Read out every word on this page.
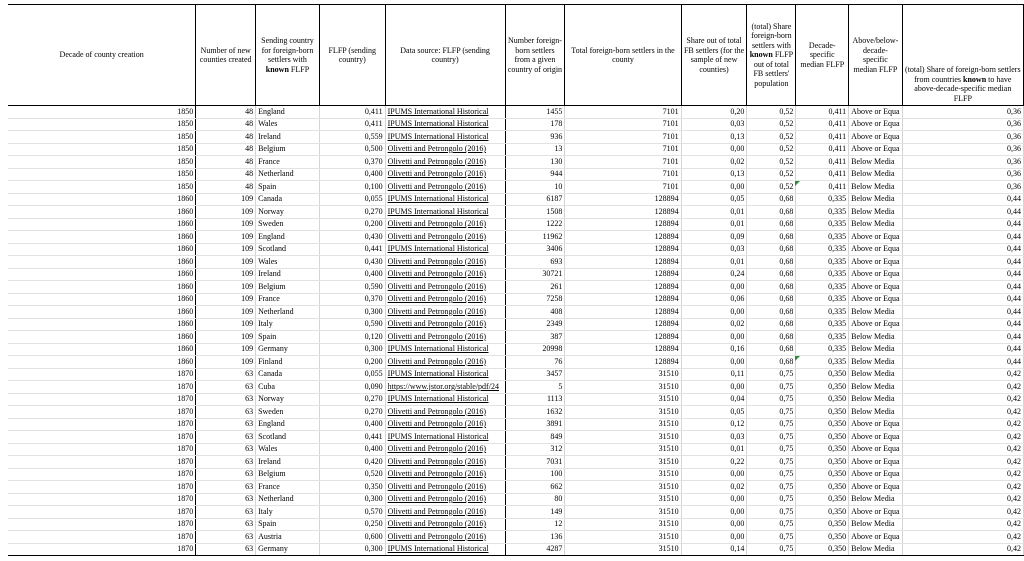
Decade of county creation	Number of new counties created	Sending country for foreign-born settlers with known FLFP	FLFP (sending country)	Data source: FLFP (sending country)	Number foreign-born settlers from a given country of origin	Total foreign-born settlers in the county	Share out of total FB settlers (for the sample of new counties)	(total) Share foreign-born settlers with known FLFP out of total FB settlers' population	Decade-specific median FLFP	Above/below-decade-specific median FLFP	(total) Share of foreign-born settlers from countries known to have above-decade-specific median FLFP
1850	48	England	0,411	IPUMS International Historical	1455	7101	0,20	0,52	0,411	Above or Equa	0,36
1850	48	Wales	0,411	IPUMS International Historical	178	7101	0,03	0,52	0,411	Above or Equa	0,36
1850	48	Ireland	0,559	IPUMS International Historical	936	7101	0,13	0,52	0,411	Above or Equa	0,36
1850	48	Belgium	0,500	Olivetti and Petrongolo (2016)	13	7101	0,00	0,52	0,411	Above or Equa	0,36
1850	48	France	0,370	Olivetti and Petrongolo (2016)	130	7101	0,02	0,52	0,411	Below Media	0,36
1850	48	Netherland	0,400	Olivetti and Petrongolo (2016)	944	7101	0,13	0,52	0,411	Below Media	0,36
1850	48	Spain	0,100	Olivetti and Petrongolo (2016)	10	7101	0,00	0,52	0,411	Below Media	0,36
1860	109	Canada	0,055	IPUMS International Historical	6187	128894	0,05	0,68	0,335	Below Media	0,44
1860	109	Norway	0,270	IPUMS International Historical	1508	128894	0,01	0,68	0,335	Below Media	0,44
1860	109	Sweden	0,200	Olivetti and Petrongolo (2016)	1222	128894	0,01	0,68	0,335	Below Media	0,44
1860	109	England	0,430	Olivetti and Petrongolo (2016)	11962	128894	0,09	0,68	0,335	Above or Equa	0,44
1860	109	Scotland	0,441	IPUMS International Historical	3406	128894	0,03	0,68	0,335	Above or Equa	0,44
1860	109	Wales	0,430	Olivetti and Petrongolo (2016)	693	128894	0,01	0,68	0,335	Above or Equa	0,44
1860	109	Ireland	0,400	Olivetti and Petrongolo (2016)	30721	128894	0,24	0,68	0,335	Above or Equa	0,44
1860	109	Belgium	0,590	Olivetti and Petrongolo (2016)	261	128894	0,00	0,68	0,335	Above or Equa	0,44
1860	109	France	0,370	Olivetti and Petrongolo (2016)	7258	128894	0,06	0,68	0,335	Above or Equa	0,44
1860	109	Netherland	0,300	Olivetti and Petrongolo (2016)	408	128894	0,00	0,68	0,335	Below Media	0,44
1860	109	Italy	0,590	Olivetti and Petrongolo (2016)	2349	128894	0,02	0,68	0,335	Above or Equa	0,44
1860	109	Spain	0,120	Olivetti and Petrongolo (2016)	387	128894	0,00	0,68	0,335	Below Media	0,44
1860	109	Germany	0,300	IPUMS International Historical	20998	128894	0,16	0,68	0,335	Below Media	0,44
1860	109	Finland	0,200	Olivetti and Petrongolo (2016)	76	128894	0,00	0,68	0,335	Below Media	0,44
1870	63	Canada	0,055	IPUMS International Historical	3457	31510	0,11	0,75	0,350	Below Media	0,42
1870	63	Cuba	0,090	https://www.jstor.org/stable/pdf/24	5	31510	0,00	0,75	0,350	Below Media	0,42
1870	63	Norway	0,270	IPUMS International Historical	1113	31510	0,04	0,75	0,350	Below Media	0,42
1870	63	Sweden	0,270	Olivetti and Petrongolo (2016)	1632	31510	0,05	0,75	0,350	Below Media	0,42
1870	63	England	0,400	Olivetti and Petrongolo (2016)	3891	31510	0,12	0,75	0,350	Above or Equa	0,42
1870	63	Scotland	0,441	IPUMS International Historical	849	31510	0,03	0,75	0,350	Above or Equa	0,42
1870	63	Wales	0,400	Olivetti and Petrongolo (2016)	312	31510	0,01	0,75	0,350	Above or Equa	0,42
1870	63	Ireland	0,420	Olivetti and Petrongolo (2016)	7031	31510	0,22	0,75	0,350	Above or Equa	0,42
1870	63	Belgium	0,520	Olivetti and Petrongolo (2016)	100	31510	0,00	0,75	0,350	Above or Equa	0,42
1870	63	France	0,350	Olivetti and Petrongolo (2016)	662	31510	0,02	0,75	0,350	Above or Equa	0,42
1870	63	Netherland	0,300	Olivetti and Petrongolo (2016)	80	31510	0,00	0,75	0,350	Below Media	0,42
1870	63	Italy	0,570	Olivetti and Petrongolo (2016)	149	31510	0,00	0,75	0,350	Above or Equa	0,42
1870	63	Spain	0,250	Olivetti and Petrongolo (2016)	12	31510	0,00	0,75	0,350	Below Media	0,42
1870	63	Austria	0,600	Olivetti and Petrongolo (2016)	136	31510	0,00	0,75	0,350	Above or Equa	0,42
1870	63	Germany	0,300	IPUMS International Historical	4287	31510	0,14	0,75	0,350	Below Media	0,42
